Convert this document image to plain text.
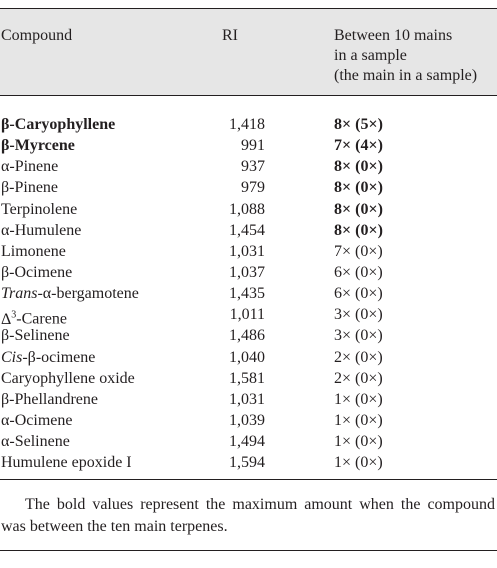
Compound	RI	Between 10 mains
in a sample
(the main in a sample)
β-Caryophyllene	1,418	8× (5×)
β-Myrcene	991	7× (4×)
α-Pinene	937	8× (0×)
β-Pinene	979	8× (0×)
Terpinolene	1,088	8× (0×)
α-Humulene	1,454	8× (0×)
Limonene	1,031	7× (0×)
β-Ocimene	1,037	6× (0×)
Trans-α-bergamotene	1,435	6× (0×)
$\Delta^3$-Carene	1,011	3× (0×)
β-Selinene	1,486	3× (0×)
Cis-β-ocimene	1,040	2× (0×)
Caryophyllene oxide	1,581	2× (0×)
β-Phellandrene	1,031	1× (0×)
α-Ocimene	1,039	1× (0×)
α-Selinene	1,494	1× (0×)
Humulene epoxide I	1,594	1× (0×)
The bold values represent the maximum amount when the compound was between the ten main terpenes.
